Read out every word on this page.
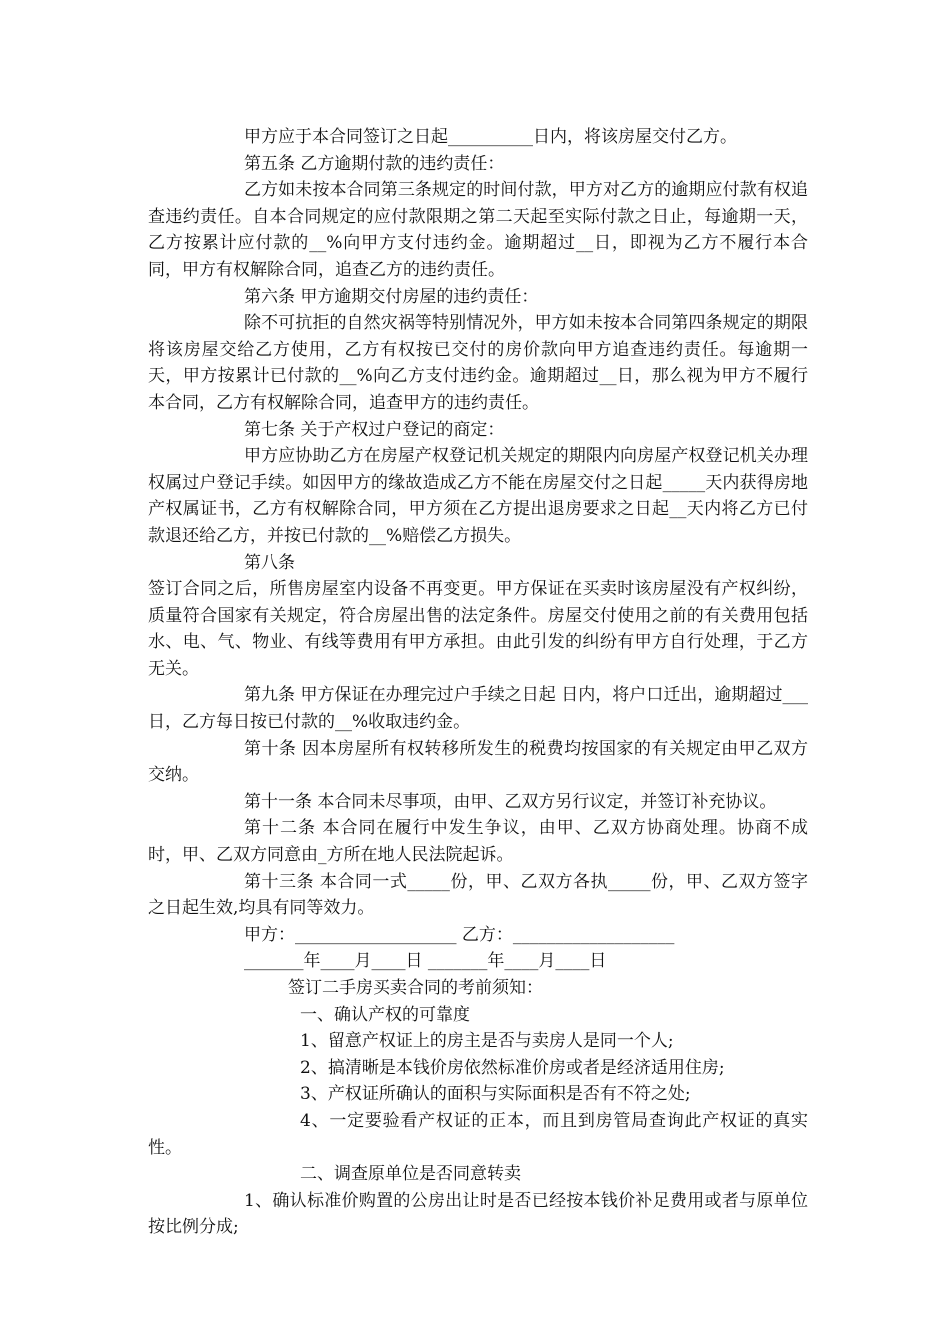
甲方应于本合同签订之日起__________日内，将该房屋交付乙方。

第五条 乙方逾期付款的违约责任：

乙方如未按本合同第三条规定的时间付款，甲方对乙方的逾期应付款有权追查违约责任。自本合同规定的应付款限期之第二天起至实际付款之日止，每逾期一天，乙方按累计应付款的__%向甲方支付违约金。逾期超过__日，即视为乙方不履行本合同，甲方有权解除合同，追查乙方的违约责任。

第六条 甲方逾期交付房屋的违约责任：

除不可抗拒的自然灾祸等特别情况外，甲方如未按本合同第四条规定的期限将该房屋交给乙方使用，乙方有权按已交付的房价款向甲方追查违约责任。每逾期一天，甲方按累计已付款的__%向乙方支付违约金。逾期超过__日，那么视为甲方不履行本合同，乙方有权解除合同，追查甲方的违约责任。

第七条 关于产权过户登记的商定：

甲方应协助乙方在房屋产权登记机关规定的期限内向房屋产权登记机关办理权属过户登记手续。如因甲方的缘故造成乙方不能在房屋交付之日起_____天内获得房地产权属证书，乙方有权解除合同，甲方须在乙方提出退房要求之日起__天内将乙方已付款退还给乙方，并按已付款的__%赔偿乙方损失。

第八条

签订合同之后，所售房屋室内设备不再变更。甲方保证在买卖时该房屋没有产权纠纷，质量符合国家有关规定，符合房屋出售的法定条件。房屋交付使用之前的有关费用包括水、电、气、物业、有线等费用有甲方承担。由此引发的纠纷有甲方自行处理，于乙方无关。

第九条 甲方保证在办理完过户手续之日起 日内，将户口迁出，逾期超过___日，乙方每日按已付款的__%收取违约金。

第十条 因本房屋所有权转移所发生的税费均按国家的有关规定由甲乙双方交纳。

第十一条 本合同未尽事项，由甲、乙双方另行议定，并签订补充协议。

第十二条 本合同在履行中发生争议，由甲、乙双方协商处理。协商不成时，甲、乙双方同意由_方所在地人民法院起诉。

第十三条 本合同一式_____份，甲、乙双方各执_____份，甲、乙双方签字之日起生效,均具有同等效力。

甲方：___________________ 乙方：___________________

_______年____月____日 _______年____月____日

签订二手房买卖合同的考前须知：

一、确认产权的可靠度

1、留意产权证上的房主是否与卖房人是同一个人;

2、搞清晰是本钱价房依然标准价房或者是经济适用住房;

3、产权证所确认的面积与实际面积是否有不符之处;

4、一定要验看产权证的正本，而且到房管局查询此产权证的真实性。

二、调查原单位是否同意转卖

1、确认标准价购置的公房出让时是否已经按本钱价补足费用或者与原单位按比例分成;
